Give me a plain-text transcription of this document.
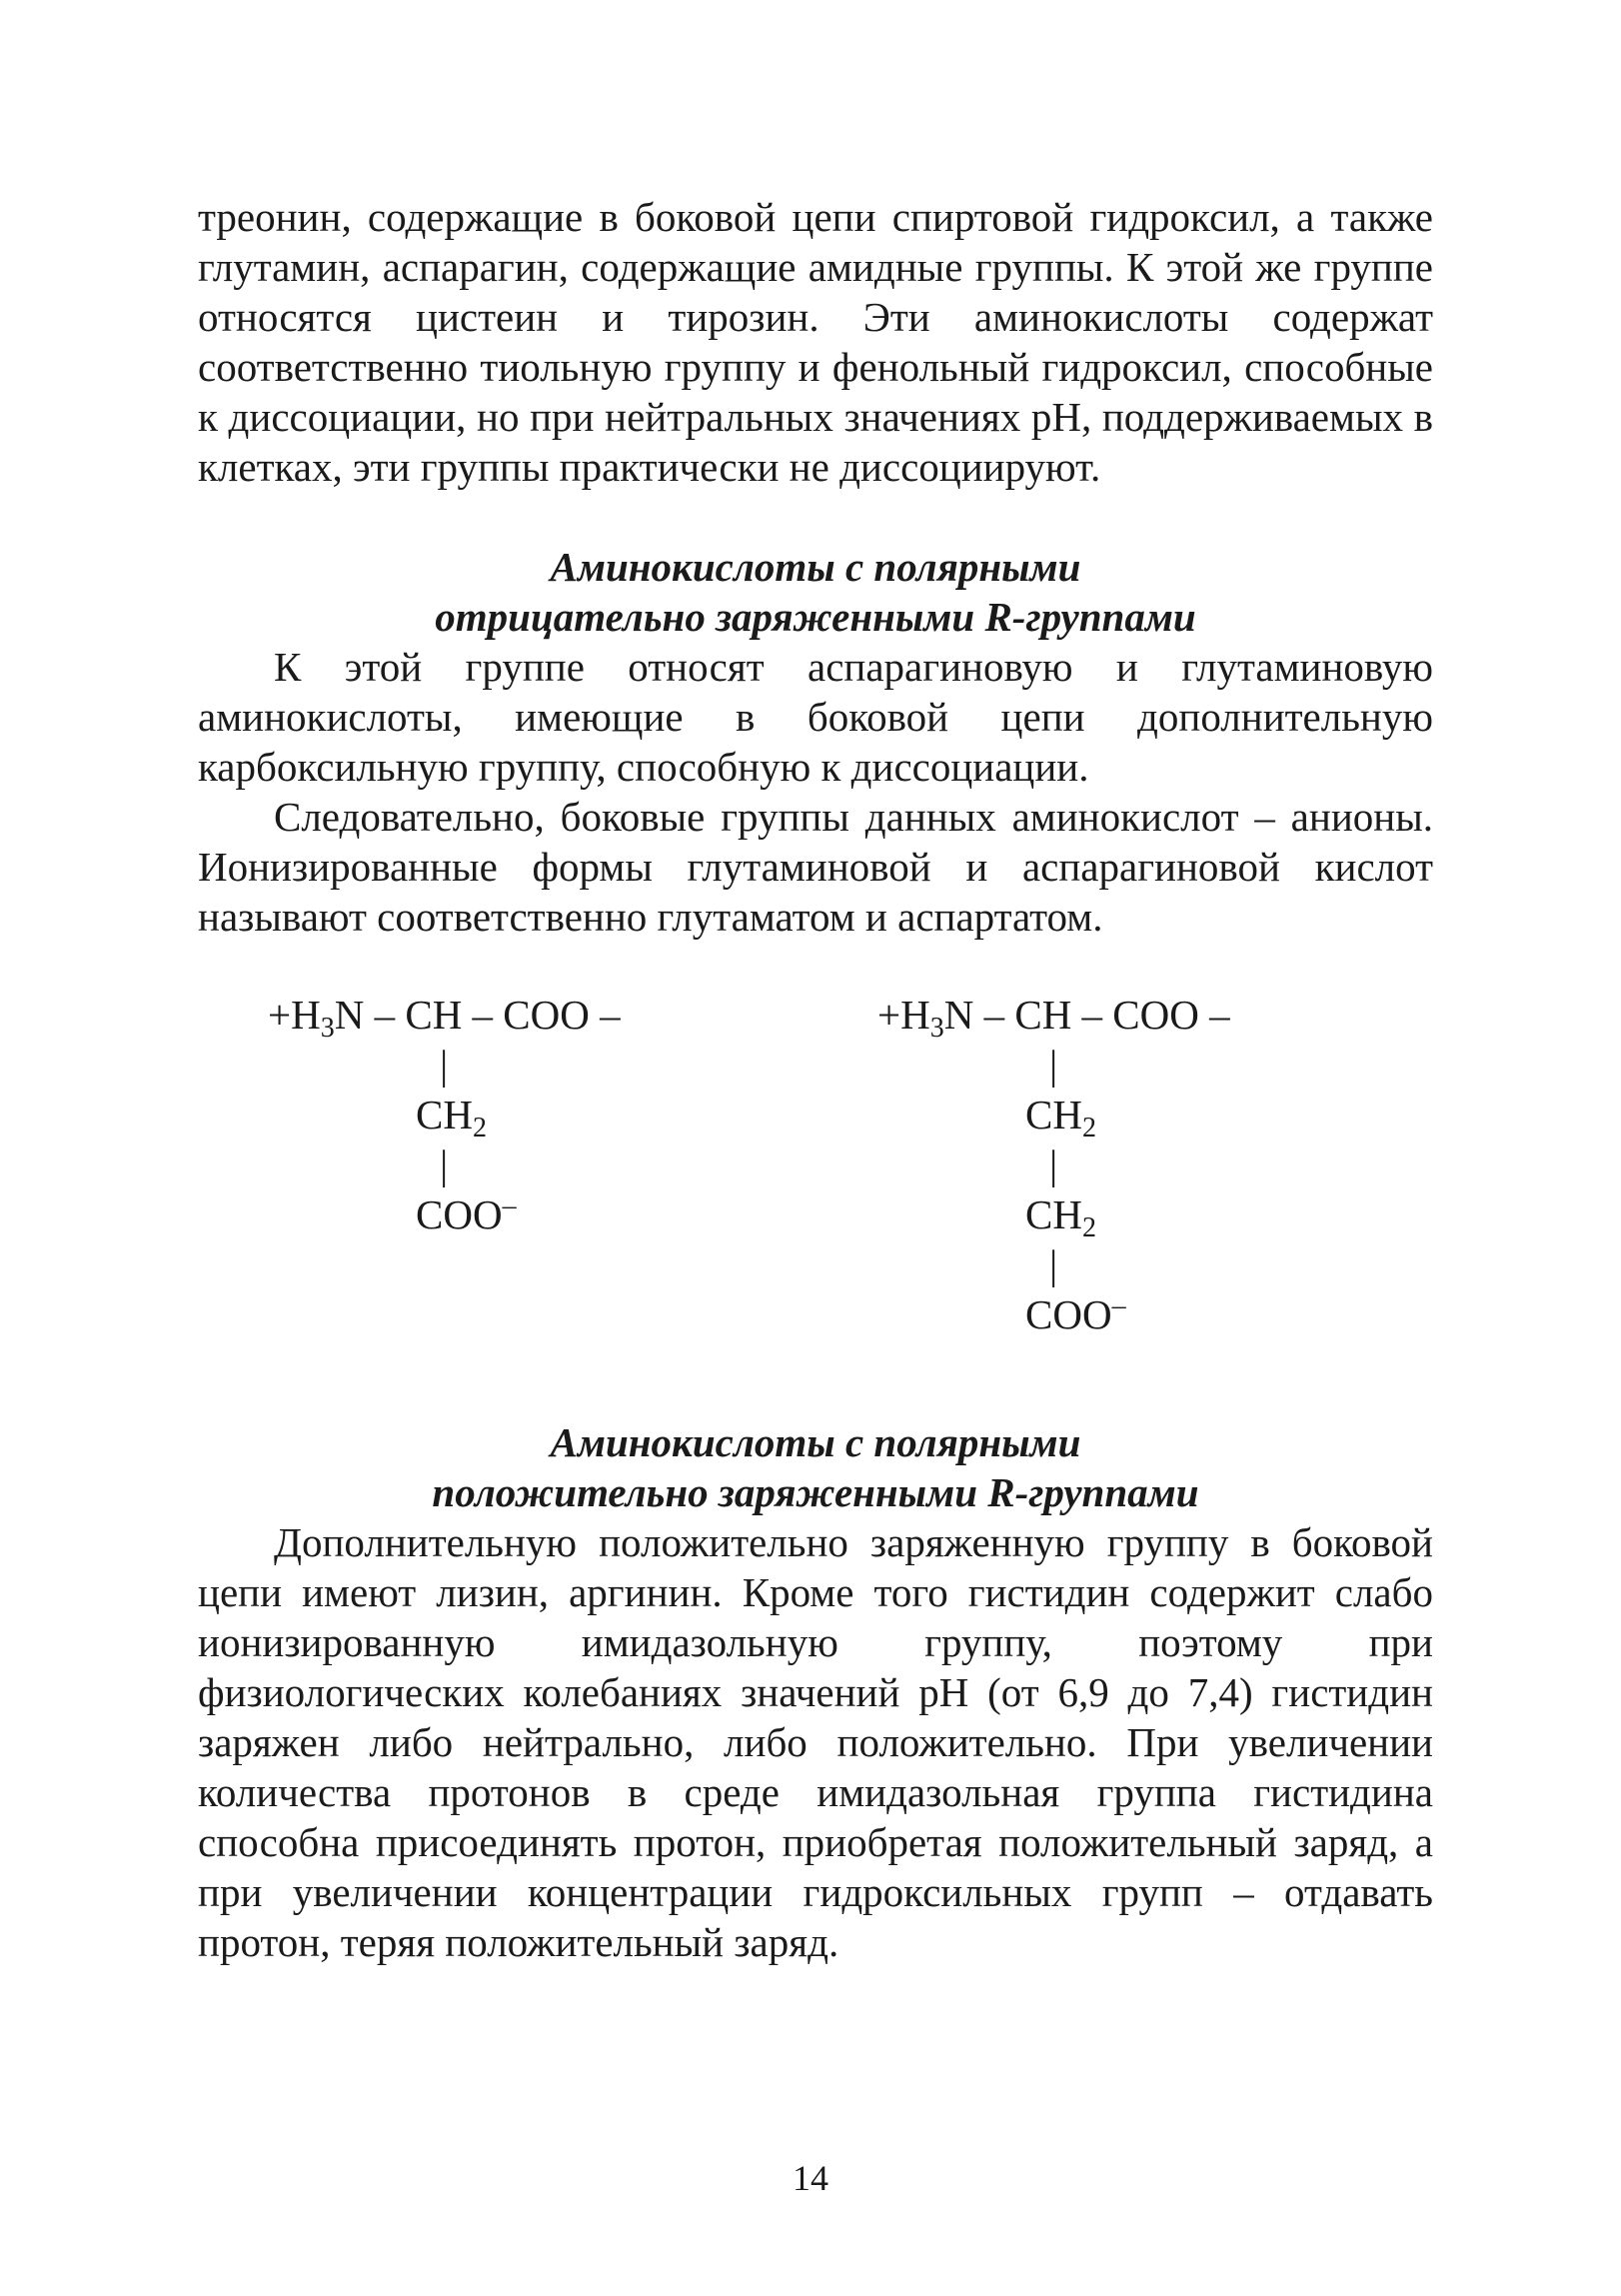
треонин, содержащие в боковой цепи спиртовой гидроксил, а также глутамин, аспарагин, содержащие амидные группы. К этой же группе относятся цистеин и тирозин. Эти аминокислоты содержат соответственно тиольную группу и фенольный гидроксил, способные к диссоциации, но при нейтральных значениях pH, поддерживаемых в клетках, эти группы практически не диссоциируют.

Аминокислоты с полярными

отрицательно заряженными R-группами

К этой группе относят аспарагиновую и глутаминовую аминокислоты, имеющие в боковой цепи дополнительную карбоксильную группу, способную к диссоциации.

Следовательно, боковые группы данных аминокислот – анионы. Ионизированные формы глутаминовой и аспарагиновой кислот называют соответственно глутаматом и аспартатом.

$+H_3N$ – CH – COO –
|
$CH_2$
|
COO–
$+H_3N$ – CH – COO –
|
$CH_2$
|
$CH_2$
|
COO–

Аминокислоты с полярными

положительно заряженными R-группами

Дополнительную положительно заряженную группу в боковой цепи имеют лизин, аргинин. Кроме того гистидин содержит слабо ионизированную имидазольную группу, поэтому при физиологических колебаниях значений pH (от 6,9 до 7,4) гистидин заряжен либо нейтрально, либо положительно. При увеличении количества протонов в среде имидазольная группа гистидина способна присоединять протон, приобретая положительный заряд, а при увеличении концентрации гидроксильных групп – отдавать протон, теряя положительный заряд.

14
